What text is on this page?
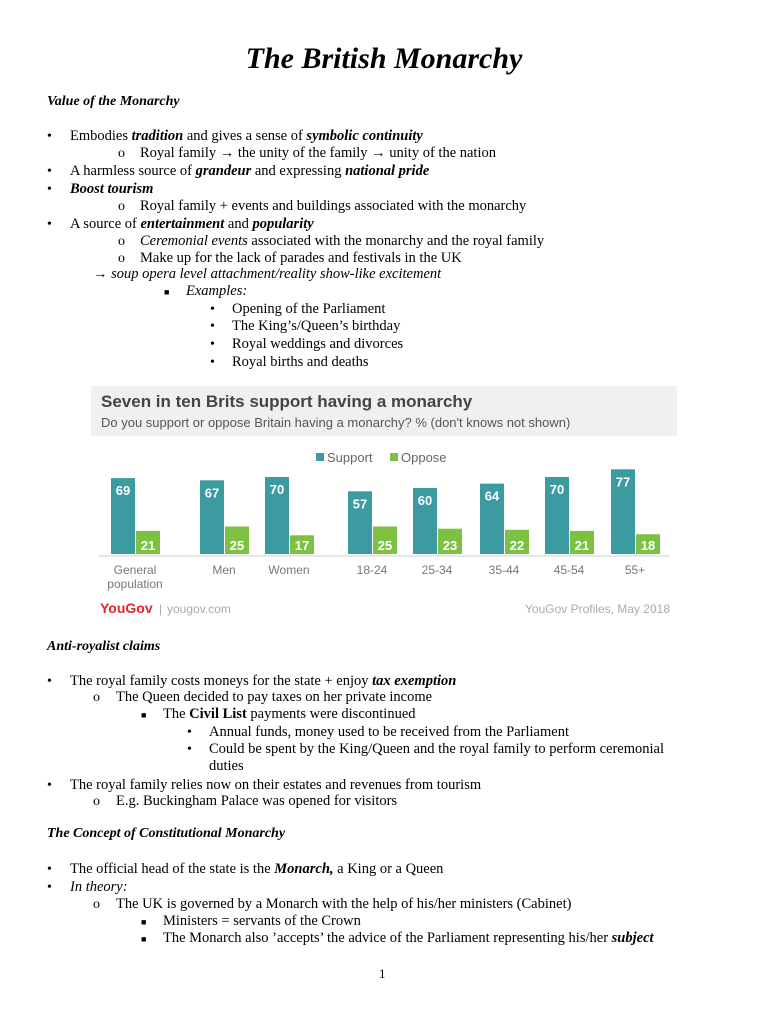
The British Monarchy
Value of the Monarchy
• Embodies tradition and gives a sense of symbolic continuity
o Royal family → the unity of the family → unity of the nation
• A harmless source of grandeur and expressing national pride
• Boost tourism
o Royal family + events and buildings associated with the monarchy
• A source of entertainment and popularity
o Ceremonial events associated with the monarchy and the royal family
o Make up for the lack of parades and festivals in the UK
→ soup opera level attachment/reality show-like excitement
■ Examples:
• Opening of the Parliament
• The King’s/Queen’s birthday
• Royal weddings and divorces
• Royal births and deaths
Seven in ten Brits support having a monarchy
Do you support or oppose Britain having a monarchy? % (don't knows not shown)
Support Oppose
69
21
67
25
70
17
57
25
60
23
64
22
70
21
77
18
General population
Men	Women	18-24	25-34	35-44	45-54	55+
YouGov | yougov.com	YouGov Profiles, May 2018
Anti-royalist claims
• The royal family costs moneys for the state + enjoy tax exemption
o The Queen decided to pay taxes on her private income
■ The Civil List payments were discontinued
• Annual funds, money used to be received from the Parliament
• Could be spent by the King/Queen and the royal family to perform ceremonial
duties
• The royal family relies now on their estates and revenues from tourism
o E.g. Buckingham Palace was opened for visitors
The Concept of Constitutional Monarchy
• The official head of the state is the Monarch, a King or a Queen
• In theory:
o The UK is governed by a Monarch with the help of his/her ministers (Cabinet)
■ Ministers = servants of the Crown
■ The Monarch also ’accepts’ the advice of the Parliament representing his/her subject
1
